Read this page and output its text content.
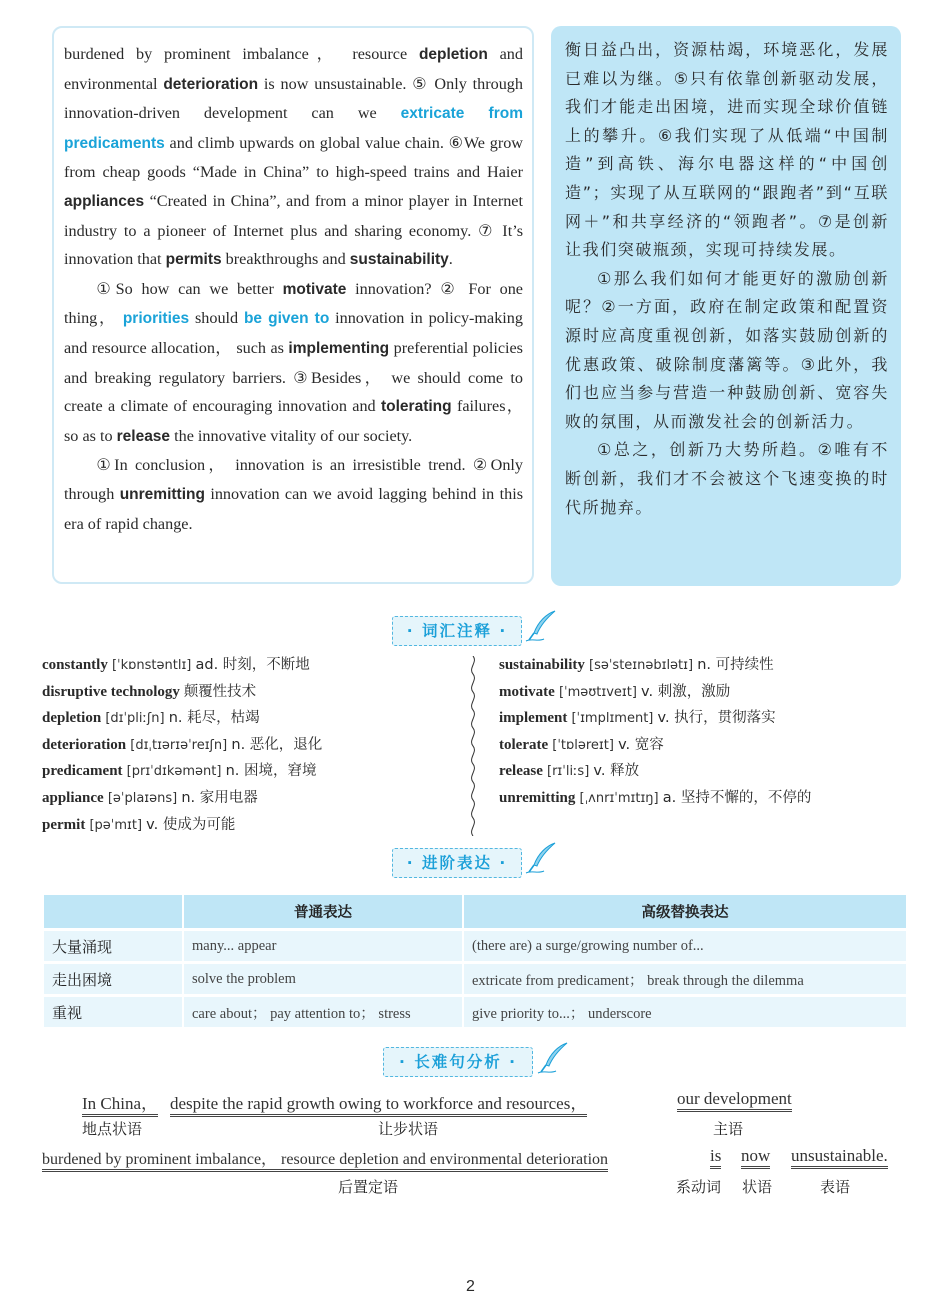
burdened by prominent imbalance， resource depletion and environmental deterioration is now unsustainable. ⑤ Only through innovation-driven development can we extricate from predicaments and climb upwards on global value chain. ⑥We grow from cheap goods “Made in China” to high-speed trains and Haier appliances “Created in China”, and from a minor player in Internet industry to a pioneer of Internet plus and sharing economy. ⑦ It’s innovation that permits breakthroughs and sustainability.

①So how can we better motivate innovation? ② For one thing， priorities should be given to innovation in policy-making and resource allocation， such as implementing preferential policies and breaking regulatory barriers. ③Besides， we should come to create a climate of encouraging innovation and tolerating failures， so as to release the innovative vitality of our society.

①In conclusion， innovation is an irresistible trend. ②Only through unremitting innovation can we avoid lagging behind in this era of rapid change.

衡日益凸出，资源枯竭，环境恶化，发展已难以为继。⑤只有依靠创新驱动发展，我们才能走出困境，进而实现全球价值链上的攀升。⑥我们实现了从低端“中国制造”到高铁、海尔电器这样的“中国创造”；实现了从互联网的“跟跑者”到“互联网＋”和共享经济的“领跑者”。⑦是创新让我们突破瓶颈，实现可持续发展。

①那么我们如何才能更好的激励创新呢？②一方面，政府在制定政策和配置资源时应高度重视创新，如落实鼓励创新的优惠政策、破除制度藩篱等。③此外，我们也应当参与营造一种鼓励创新、宽容失败的氛围，从而激发社会的创新活力。

①总之，创新乃大势所趋。②唯有不断创新，我们才不会被这个飞速变换的时代所抛弃。

· 词汇注释 ·
constantly [ˈkɒnstəntlɪ] ad. 时刻，不断地
disruptive technology 颠覆性技术
depletion [dɪˈpliːʃn] n. 耗尽，枯竭
deterioration [dɪˌtɪərɪəˈreɪʃn] n. 恶化，退化
predicament [prɪˈdɪkəmənt] n. 困境，窘境
appliance [əˈplaɪəns] n. 家用电器
permit [pəˈmɪt] v. 使成为可能
sustainability [səˈsteɪnəbɪlətɪ] n. 可持续性
motivate [ˈməʊtɪveɪt] v. 刺激，激励
implement [ˈɪmplɪment] v. 执行，贯彻落实
tolerate [ˈtɒləreɪt] v. 宽容
release [rɪˈliːs] v. 释放
unremitting [ˌʌnrɪˈmɪtɪŋ] a. 坚持不懈的，不停的
· 进阶表达 ·
	普通表达	高级替换表达
大量涌现	many... appear	(there are) a surge/growing number of...
走出困境	solve the problem	extricate from predicament； break through the dilemma
重视	care about； pay attention to； stress	give priority to...； underscore
· 长难句分析 ·
In China， despite the rapid growth owing to workforce and resources，	our development
地点状语	让步状语	主语
burdened by prominent imbalance， resource depletion and environmental deterioration	is now unsustainable.
后置定语	系动词 状语	表语
2
